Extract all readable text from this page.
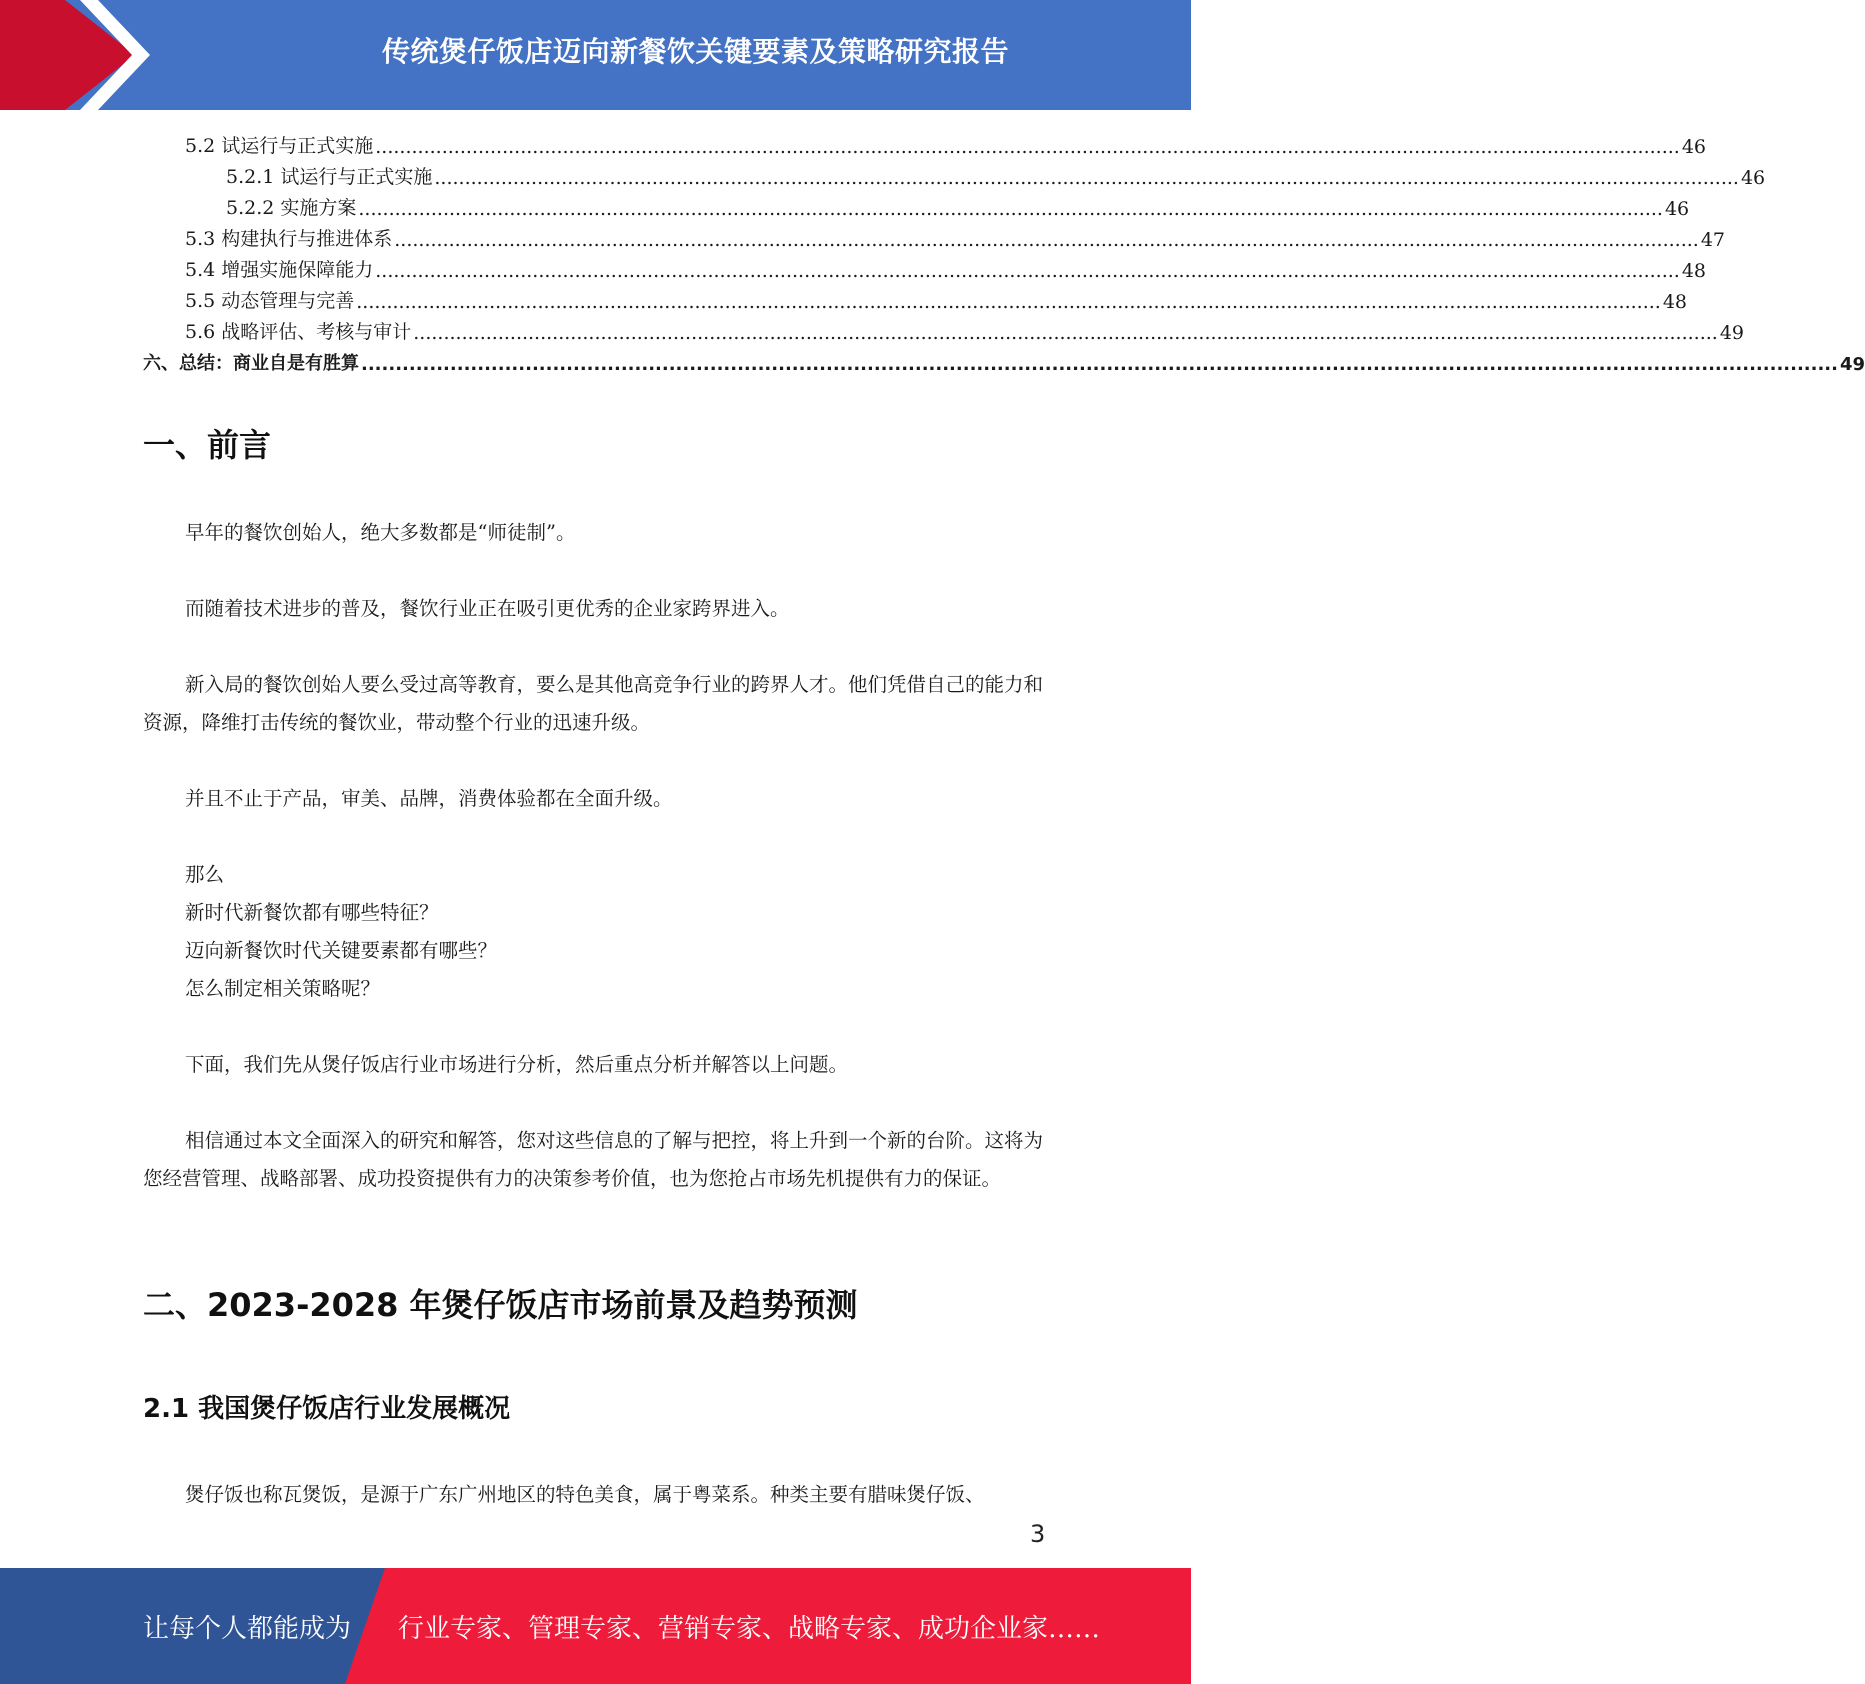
传统煲仔饭店迈向新餐饮关键要素及策略研究报告
5.2 试运行与正式实施 ........................................................................................................................................................................................................................ 46
5.2.1 试运行与正式实施 ........................................................................................................................................................................................................................ 46
5.2.2 实施方案 ........................................................................................................................................................................................................................ 46
5.3 构建执行与推进体系 ........................................................................................................................................................................................................................ 47
5.4 增强实施保障能力 ........................................................................................................................................................................................................................ 48
5.5 动态管理与完善 ........................................................................................................................................................................................................................ 48
5.6 战略评估、考核与审计 ........................................................................................................................................................................................................................ 49
六、总结：商业自是有胜算 ........................................................................................................................................................................................................................ 49
一、前言

早年的餐饮创始人，绝大多数都是“师徒制”。

而随着技术进步的普及，餐饮行业正在吸引更优秀的企业家跨界进入。

新入局的餐饮创始人要么受过高等教育，要么是其他高竞争行业的跨界人才。他们凭借自己的能力和资源，降维打击传统的餐饮业，带动整个行业的迅速升级。

并且不止于产品，审美、品牌，消费体验都在全面升级。

那么

新时代新餐饮都有哪些特征？

迈向新餐饮时代关键要素都有哪些？

怎么制定相关策略呢？

下面，我们先从煲仔饭店行业市场进行分析，然后重点分析并解答以上问题。

相信通过本文全面深入的研究和解答，您对这些信息的了解与把控，将上升到一个新的台阶。这将为您经营管理、战略部署、成功投资提供有力的决策参考价值，也为您抢占市场先机提供有力的保证。

二、2023-2028 年煲仔饭店市场前景及趋势预测
2.1 我国煲仔饭店行业发展概况

煲仔饭也称瓦煲饭，是源于广东广州地区的特色美食，属于粤菜系。种类主要有腊味煲仔饭、

3
让每个人都能成为 行业专家、管理专家、营销专家、战略专家、成功企业家……
